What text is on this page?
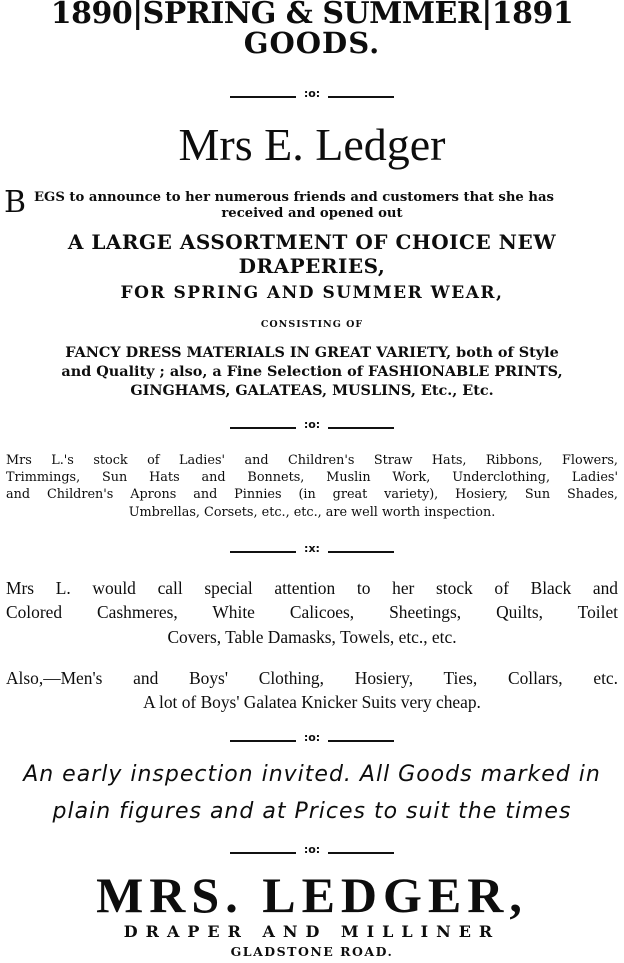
1890|SPRING & SUMMER|1891

GOODS.

:o:

Mrs E. Ledger

B EGS to announce to her numerous friends and customers that she has

received and opened out

A LARGE ASSORTMENT OF CHOICE NEW

DRAPERIES,

FOR SPRING AND SUMMER WEAR,

CONSISTING OF

FANCY DRESS MATERIALS IN GREAT VARIETY, both of Style

and Quality ; also, a Fine Selection of FASHIONABLE PRINTS,

GINGHAMS, GALATEAS, MUSLINS, Etc., Etc.

:o:

Mrs L.'s stock of Ladies' and Children's Straw Hats, Ribbons, Flowers,

Trimmings, Sun Hats and Bonnets, Muslin Work, Underclothing, Ladies'

and Children's Aprons and Pinnies (in great variety), Hosiery, Sun Shades,

Umbrellas, Corsets, etc., etc., are well worth inspection.

:x:

Mrs L. would call special attention to her stock of Black and

Colored Cashmeres, White Calicoes, Sheetings, Quilts, Toilet

Covers, Table Damasks, Towels, etc., etc.

Also,—Men's and Boys' Clothing, Hosiery, Ties, Collars, etc.

A lot of Boys' Galatea Knicker Suits very cheap.

:o:

An early inspection invited. All Goods marked in

plain figures and at Prices to suit the times

:o:

MRS. LEDGER,

DRAPER AND MILLINER

GLADSTONE ROAD.
